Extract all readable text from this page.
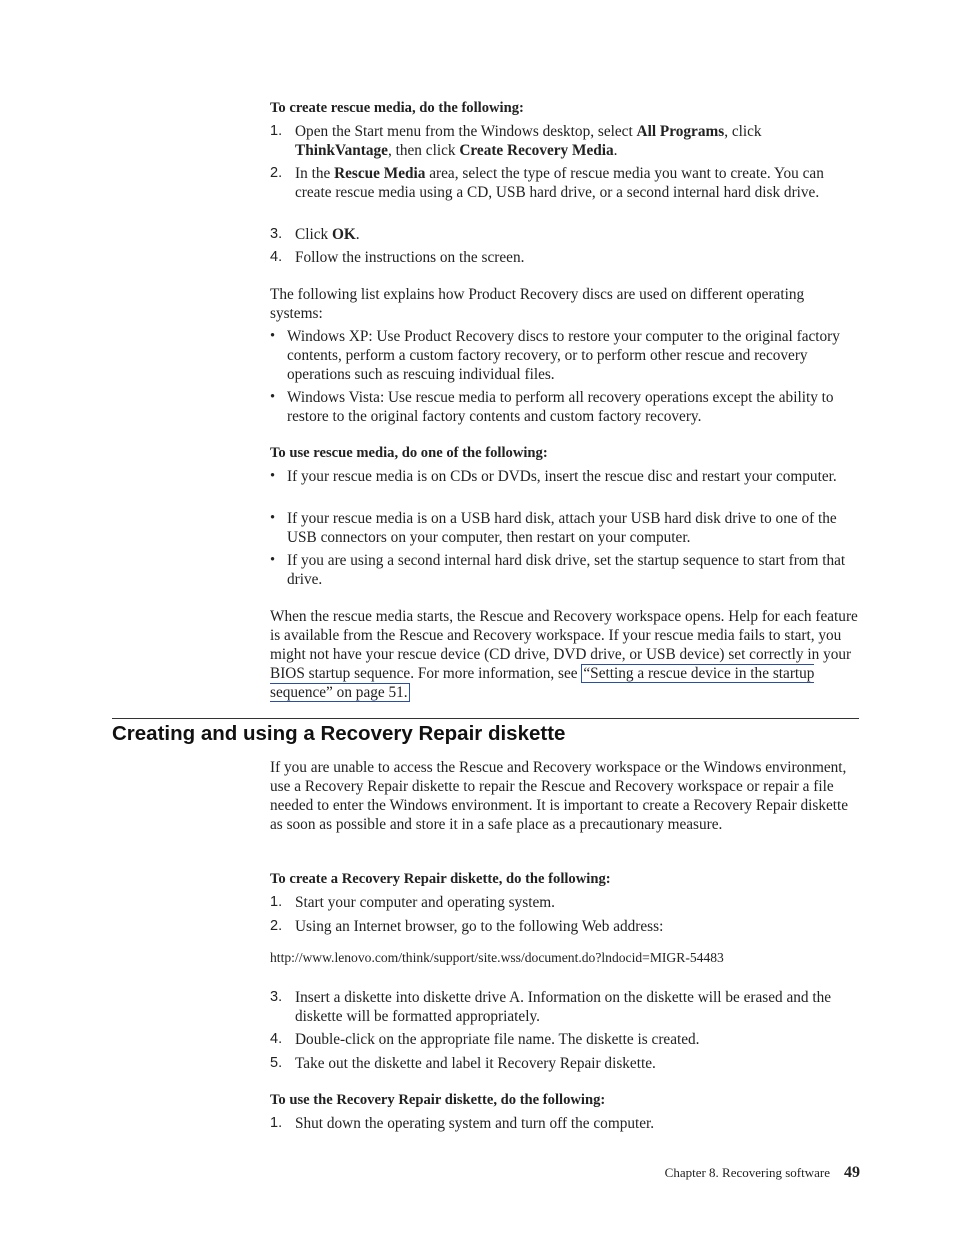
To create rescue media, do the following:
1. Open the Start menu from the Windows desktop, select All Programs, click ThinkVantage, then click Create Recovery Media.
2. In the Rescue Media area, select the type of rescue media you want to create. You can create rescue media using a CD, USB hard drive, or a second internal hard disk drive.
3. Click OK.
4. Follow the instructions on the screen.
The following list explains how Product Recovery discs are used on different operating systems:
• Windows XP: Use Product Recovery discs to restore your computer to the original factory contents, perform a custom factory recovery, or to perform other rescue and recovery operations such as rescuing individual files.
• Windows Vista: Use rescue media to perform all recovery operations except the ability to restore to the original factory contents and custom factory recovery.
To use rescue media, do one of the following:
• If your rescue media is on CDs or DVDs, insert the rescue disc and restart your computer.
• If your rescue media is on a USB hard disk, attach your USB hard disk drive to one of the USB connectors on your computer, then restart on your computer.
• If you are using a second internal hard disk drive, set the startup sequence to start from that drive.
When the rescue media starts, the Rescue and Recovery workspace opens. Help for each feature is available from the Rescue and Recovery workspace. If your rescue media fails to start, you might not have your rescue device (CD drive, DVD drive, or USB device) set correctly in your BIOS startup sequence. For more information, see “Setting a rescue device in the startup sequence” on page 51.
Creating and using a Recovery Repair diskette
If you are unable to access the Rescue and Recovery workspace or the Windows environment, use a Recovery Repair diskette to repair the Rescue and Recovery workspace or repair a file needed to enter the Windows environment. It is important to create a Recovery Repair diskette as soon as possible and store it in a safe place as a precautionary measure.
To create a Recovery Repair diskette, do the following:
1. Start your computer and operating system.
2. Using an Internet browser, go to the following Web address:
http://www.lenovo.com/think/support/site.wss/document.do?lndocid=MIGR-54483
3. Insert a diskette into diskette drive A. Information on the diskette will be erased and the diskette will be formatted appropriately.
4. Double-click on the appropriate file name. The diskette is created.
5. Take out the diskette and label it Recovery Repair diskette.
To use the Recovery Repair diskette, do the following:
1. Shut down the operating system and turn off the computer.
Chapter 8. Recovering software 49
